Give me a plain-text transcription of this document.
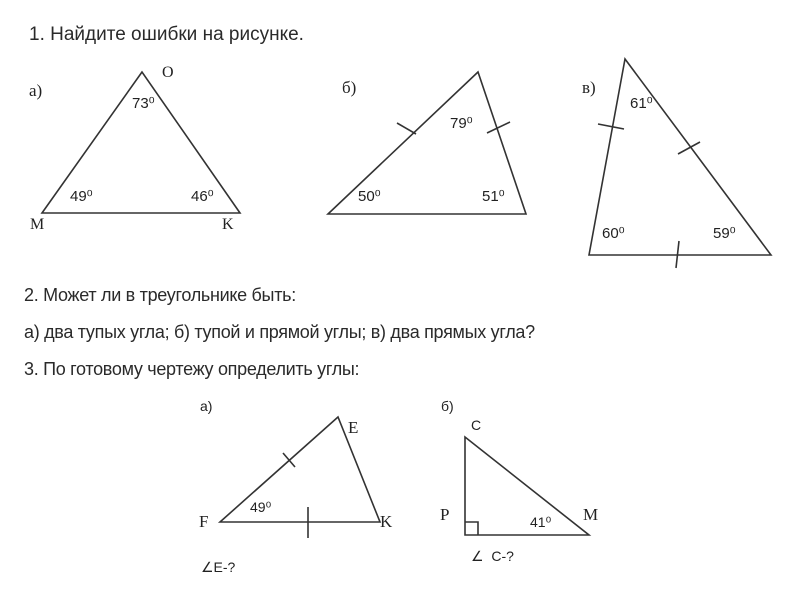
1. Найдите ошибки на рисунке.
2. Может ли в треугольнике быть:
а) два тупых угла; б) тупой и прямой углы; в) два прямых угла?
3. По готовому чертежу определить углы:
а)
O
M	K
73⁰
49⁰	46⁰
б)
79⁰
50⁰	51⁰
в)
61⁰
60⁰	59⁰
а)
E
F	K
49⁰
∠E-?
б)
C
P	M
41⁰
∠  C-?
